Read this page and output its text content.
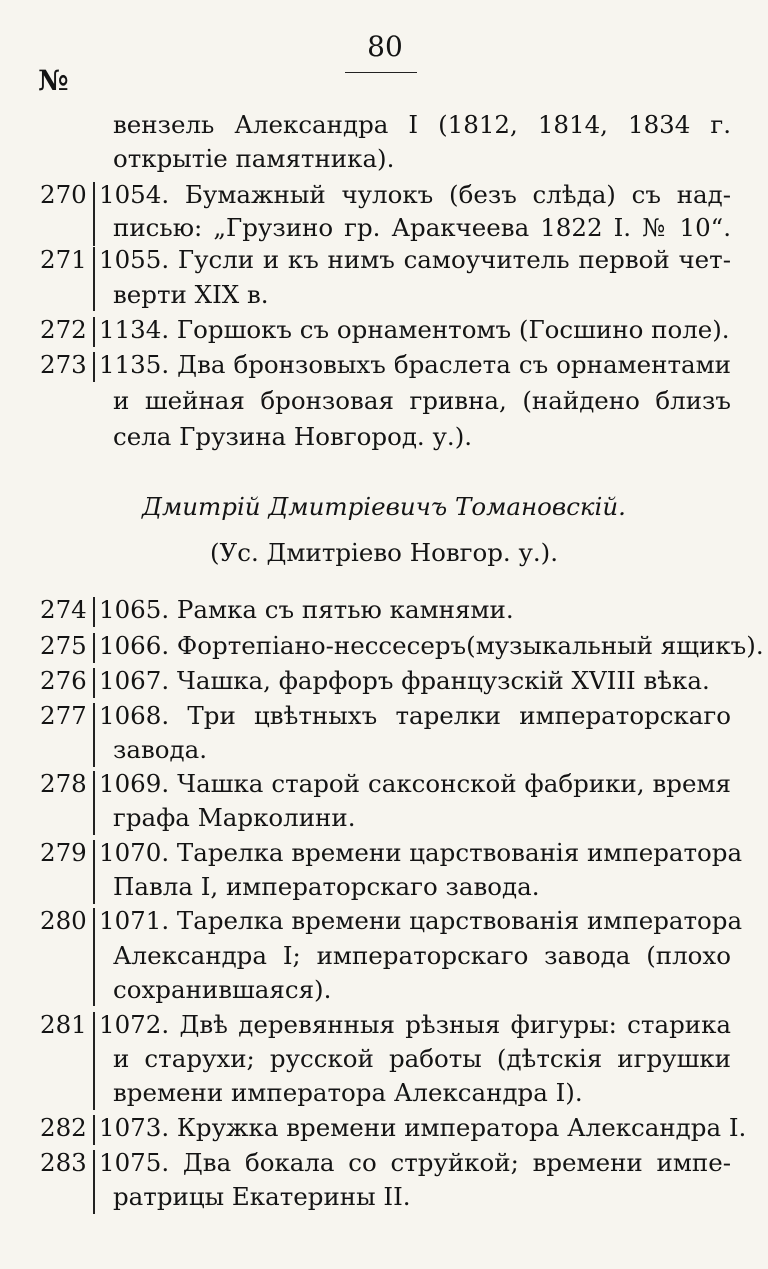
80
№
вензель Александра I (1812, 1814, 1834 г.
открытіе памятника).
270 1054. Бумажный чулокъ (безъ слѣда) съ над-
писью: „Грузино гр. Аракчеева 1822 I. № 10“.
271 1055. Гусли и къ нимъ самоучитель первой чет-
верти XIX в.
272 1134. Горшокъ съ орнаментомъ (Госшино поле).
273 1135. Два бронзовыхъ браслета съ орнаментами
и шейная бронзовая гривна, (найдено близъ
села Грузина Новгород. у.).
Дмитрій Дмитріевичъ Томановскій.
(Ус. Дмитріево Новгор. у.).
274 1065. Рамка съ пятью камнями.
275 1066. Фортепіано-нессесеръ(музыкальный ящикъ).
276 1067. Чашка, фарфоръ французскій XVIII вѣка.
277 1068. Три цвѣтныхъ тарелки императорскаго
завода.
278 1069. Чашка старой саксонской фабрики, время
графа Марколини.
279 1070. Тарелка времени царствованія императора
Павла I, императорскаго завода.
280 1071. Тарелка времени царствованія императора
Александра I; императорскаго завода (плохо
сохранившаяся).
281 1072. Двѣ деревянныя рѣзныя фигуры: старика
и старухи; русской работы (дѣтскія игрушки
времени императора Александра I).
282 1073. Кружка времени императора Александра I.
283 1075. Два бокала со струйкой; времени импе-
ратрицы Екатерины II.
